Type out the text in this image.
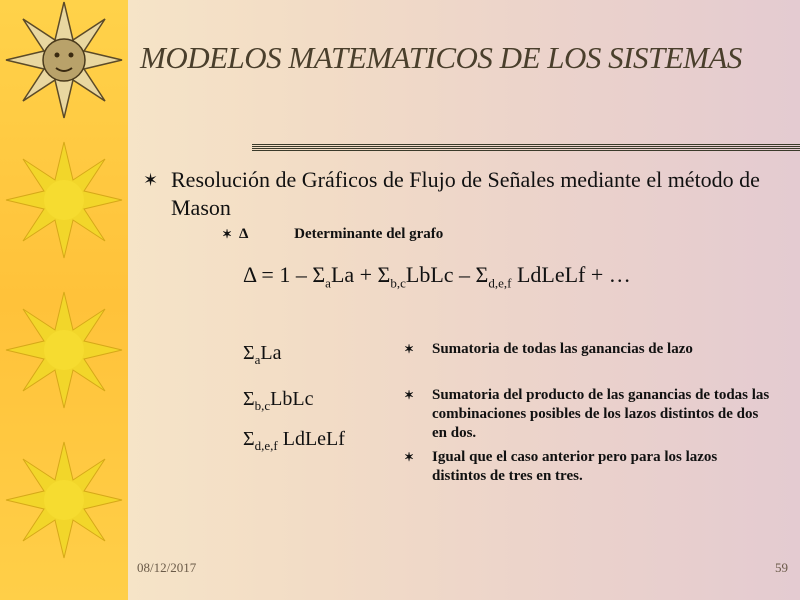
MODELOS MATEMATICOS DE LOS SISTEMAS
✶ Resolución de Gráficos de Flujo de Señales mediante el método de Mason
✶ Δ	Determinante del grafo
$\Delta = 1 - \Sigma_aLa$ + $\Sigma_{b,c}LbLc - \Sigma_{d,e,f}$ LdLeLf + …
$\Sigma_aLa$
$\Sigma_{b,c}LbLc$
$\Sigma_{d,e,f}$ LdLeLf
✶ Sumatoria de todas las ganancias de lazo
✶ Sumatoria del producto de las ganancias de todas las combinaciones posibles de los lazos distintos de dos en dos.
✶ Igual que el caso anterior pero para los lazos distintos de tres en tres.
08/12/2017	59
